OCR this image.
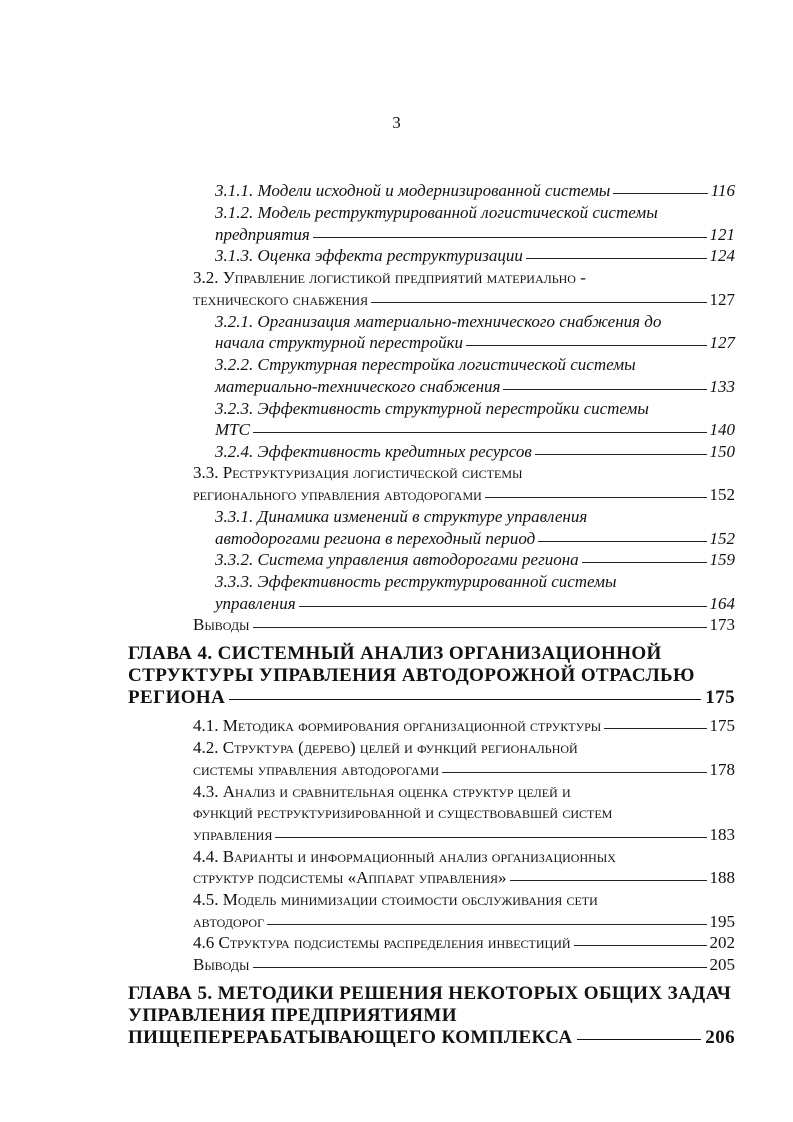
3
3.1.1. Модели исходной и модернизированной системы	116
3.1.2. Модель реструктурированной логистической системы
предприятия	121
3.1.3. Оценка эффекта реструктуризации	124
3.2. Управление логистикой предприятий материально -
технического снабжения	127
3.2.1. Организация материально-технического снабжения до
начала структурной перестройки	127
3.2.2. Структурная перестройка логистической системы
материально-технического снабжения	133
3.2.3. Эффективность структурной перестройки системы
МТС	140
3.2.4. Эффективность кредитных ресурсов	150
3.3. Реструктуризация логистической системы
регионального управления автодорогами	152
3.3.1. Динамика изменений в структуре управления
автодорогами региона в переходный период	152
3.3.2. Система управления автодорогами региона	159
3.3.3. Эффективность реструктурированной системы
управления	164
Выводы	173
ГЛАВА 4. СИСТЕМНЫЙ АНАЛИЗ ОРГАНИЗАЦИОННОЙ
СТРУКТУРЫ УПРАВЛЕНИЯ АВТОДОРОЖНОЙ ОТРАСЛЬЮ
РЕГИОНА	175
4.1. Методика формирования организационной структуры	175
4.2. Структура (дерево) целей и функций региональной
системы управления автодорогами	178
4.3. Анализ и сравнительная оценка структур целей и
функций реструктуризированной и существовавшей систем
управления	183
4.4. Варианты и информационный анализ организационных
структур подсистемы «Аппарат управления»	188
4.5. Модель минимизации стоимости обслуживания сети
автодорог	195
4.6 Структура подсистемы распределения инвестиций	202
Выводы	205
ГЛАВА 5. МЕТОДИКИ РЕШЕНИЯ НЕКОТОРЫХ ОБЩИХ ЗАДАЧ
УПРАВЛЕНИЯ ПРЕДПРИЯТИЯМИ
ПИЩЕПЕРЕРАБАТЫВАЮЩЕГО КОМПЛЕКСА	206
